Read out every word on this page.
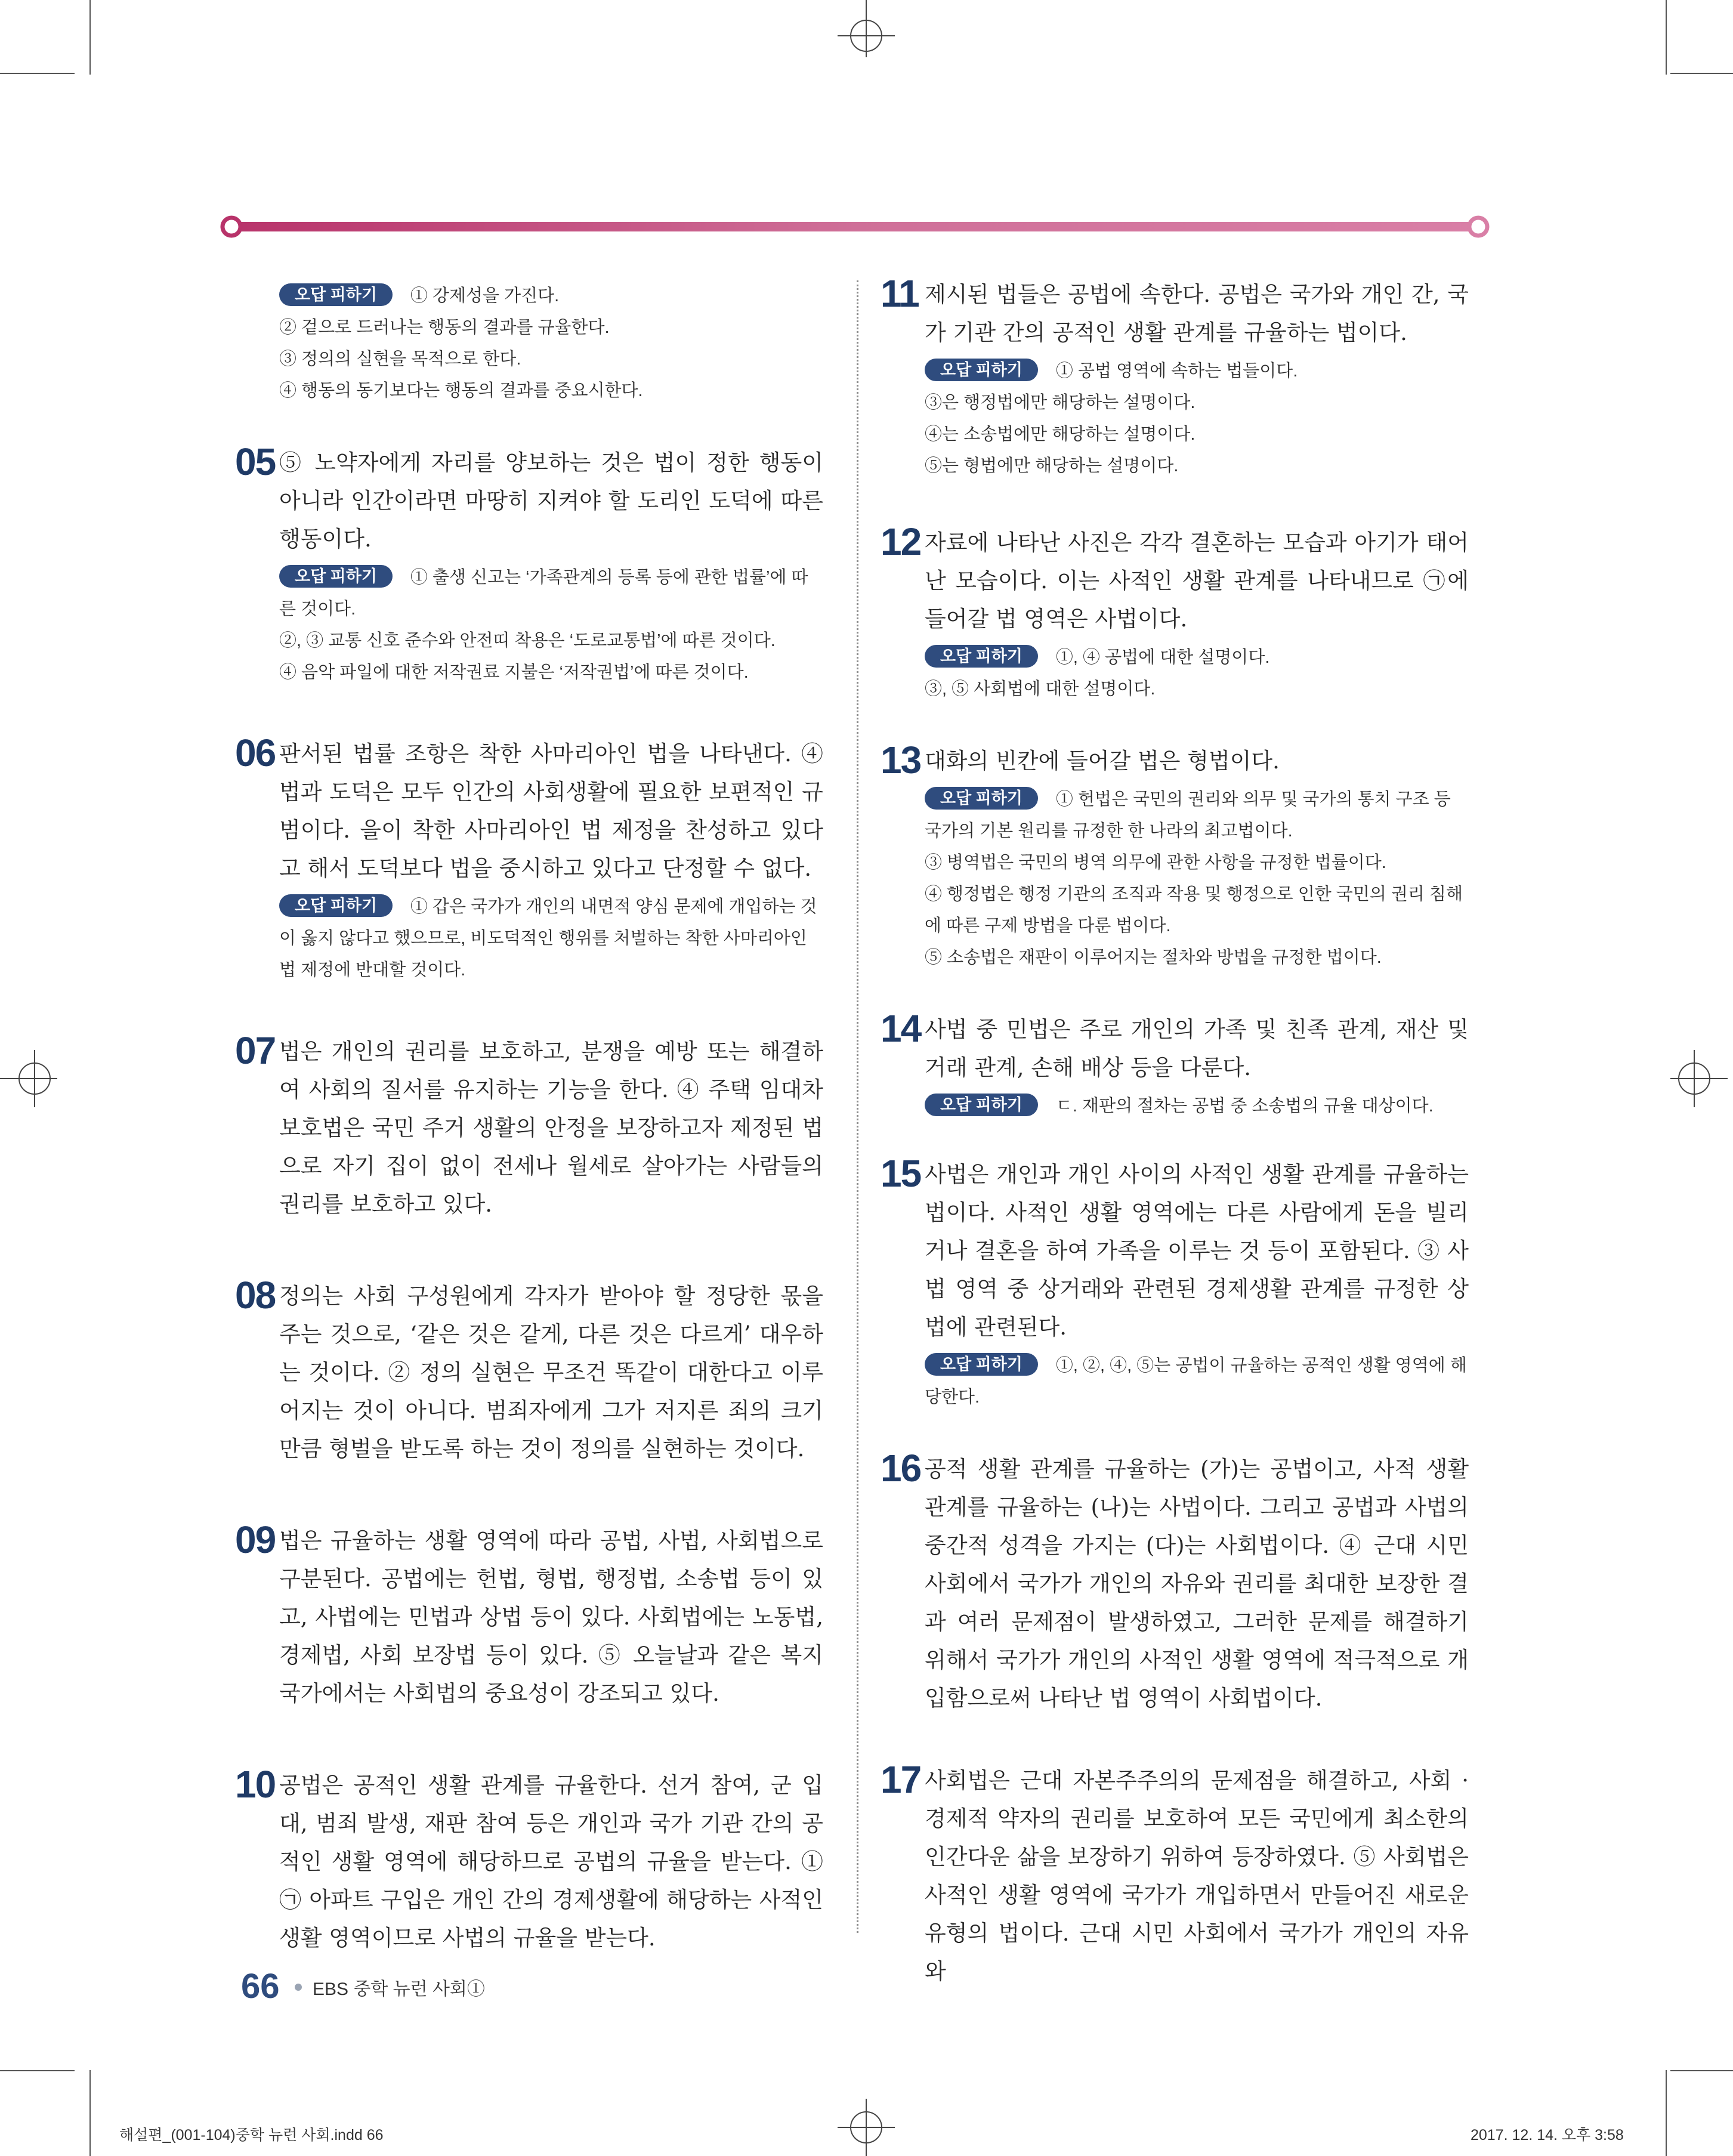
오답 피하기 ① 강제성을 가진다.

② 겉으로 드러나는 행동의 결과를 규율한다.

③ 정의의 실현을 목적으로 한다.

④ 행동의 동기보다는 행동의 결과를 중요시한다.

05 ⑤ 노약자에게 자리를 양보하는 것은 법이 정한 행동이 아니라 인간이라면 마땅히 지켜야 할 도리인 도덕에 따른 행동이다.

오답 피하기 ① 출생 신고는 ‘가족관계의 등록 등에 관한 법률’에 따른 것이다.

②, ③ 교통 신호 준수와 안전띠 착용은 ‘도로교통법’에 따른 것이다.

④ 음악 파일에 대한 저작권료 지불은 ‘저작권법’에 따른 것이다.

06 판서된 법률 조항은 착한 사마리아인 법을 나타낸다. ④ 법과 도덕은 모두 인간의 사회생활에 필요한 보편적인 규범이다. 을이 착한 사마리아인 법 제정을 찬성하고 있다고 해서 도덕보다 법을 중시하고 있다고 단정할 수 없다.

오답 피하기 ① 갑은 국가가 개인의 내면적 양심 문제에 개입하는 것이 옳지 않다고 했으므로, 비도덕적인 행위를 처벌하는 착한 사마리아인 법 제정에 반대할 것이다.

07 법은 개인의 권리를 보호하고, 분쟁을 예방 또는 해결하여 사회의 질서를 유지하는 기능을 한다. ④ 주택 임대차 보호법은 국민 주거 생활의 안정을 보장하고자 제정된 법으로 자기 집이 없이 전세나 월세로 살아가는 사람들의 권리를 보호하고 있다.

08 정의는 사회 구성원에게 각자가 받아야 할 정당한 몫을 주는 것으로, ‘같은 것은 같게, 다른 것은 다르게’ 대우하는 것이다. ② 정의 실현은 무조건 똑같이 대한다고 이루어지는 것이 아니다. 범죄자에게 그가 저지른 죄의 크기만큼 형벌을 받도록 하는 것이 정의를 실현하는 것이다.

09 법은 규율하는 생활 영역에 따라 공법, 사법, 사회법으로 구분된다. 공법에는 헌법, 형법, 행정법, 소송법 등이 있고, 사법에는 민법과 상법 등이 있다. 사회법에는 노동법, 경제법, 사회 보장법 등이 있다. ⑤ 오늘날과 같은 복지 국가에서는 사회법의 중요성이 강조되고 있다.

10 공법은 공적인 생활 관계를 규율한다. 선거 참여, 군 입대, 범죄 발생, 재판 참여 등은 개인과 국가 기관 간의 공적인 생활 영역에 해당하므로 공법의 규율을 받는다. ① ㉠ 아파트 구입은 개인 간의 경제생활에 해당하는 사적인 생활 영역이므로 사법의 규율을 받는다.

11 제시된 법들은 공법에 속한다. 공법은 국가와 개인 간, 국가 기관 간의 공적인 생활 관계를 규율하는 법이다.

오답 피하기 ① 공법 영역에 속하는 법들이다.

③은 행정법에만 해당하는 설명이다.

④는 소송법에만 해당하는 설명이다.

⑤는 형법에만 해당하는 설명이다.

12 자료에 나타난 사진은 각각 결혼하는 모습과 아기가 태어난 모습이다. 이는 사적인 생활 관계를 나타내므로 ㉠에 들어갈 법 영역은 사법이다.

오답 피하기 ①, ④ 공법에 대한 설명이다.

③, ⑤ 사회법에 대한 설명이다.

13 대화의 빈칸에 들어갈 법은 형법이다.

오답 피하기 ① 헌법은 국민의 권리와 의무 및 국가의 통치 구조 등 국가의 기본 원리를 규정한 한 나라의 최고법이다.

③ 병역법은 국민의 병역 의무에 관한 사항을 규정한 법률이다.

④ 행정법은 행정 기관의 조직과 작용 및 행정으로 인한 국민의 권리 침해에 따른 구제 방법을 다룬 법이다.

⑤ 소송법은 재판이 이루어지는 절차와 방법을 규정한 법이다.

14 사법 중 민법은 주로 개인의 가족 및 친족 관계, 재산 및 거래 관계, 손해 배상 등을 다룬다.

오답 피하기 ㄷ. 재판의 절차는 공법 중 소송법의 규율 대상이다.

15 사법은 개인과 개인 사이의 사적인 생활 관계를 규율하는 법이다. 사적인 생활 영역에는 다른 사람에게 돈을 빌리거나 결혼을 하여 가족을 이루는 것 등이 포함된다. ③ 사법 영역 중 상거래와 관련된 경제생활 관계를 규정한 상법에 관련된다.

오답 피하기 ①, ②, ④, ⑤는 공법이 규율하는 공적인 생활 영역에 해당한다.

16 공적 생활 관계를 규율하는 (가)는 공법이고, 사적 생활 관계를 규율하는 (나)는 사법이다. 그리고 공법과 사법의 중간적 성격을 가지는 (다)는 사회법이다. ④ 근대 시민 사회에서 국가가 개인의 자유와 권리를 최대한 보장한 결과 여러 문제점이 발생하였고, 그러한 문제를 해결하기 위해서 국가가 개인의 사적인 생활 영역에 적극적으로 개입함으로써 나타난 법 영역이 사회법이다.

17 사회법은 근대 자본주주의의 문제점을 해결하고, 사회 · 경제적 약자의 권리를 보호하여 모든 국민에게 최소한의 인간다운 삶을 보장하기 위하여 등장하였다. ⑤ 사회법은 사적인 생활 영역에 국가가 개입하면서 만들어진 새로운 유형의 법이다. 근대 시민 사회에서 국가가 개인의 자유와

66 EBS 중학 뉴런 사회①
해설편_(001-104)중학 뉴런 사회.indd 66	2017. 12. 14. 오후 3:58
